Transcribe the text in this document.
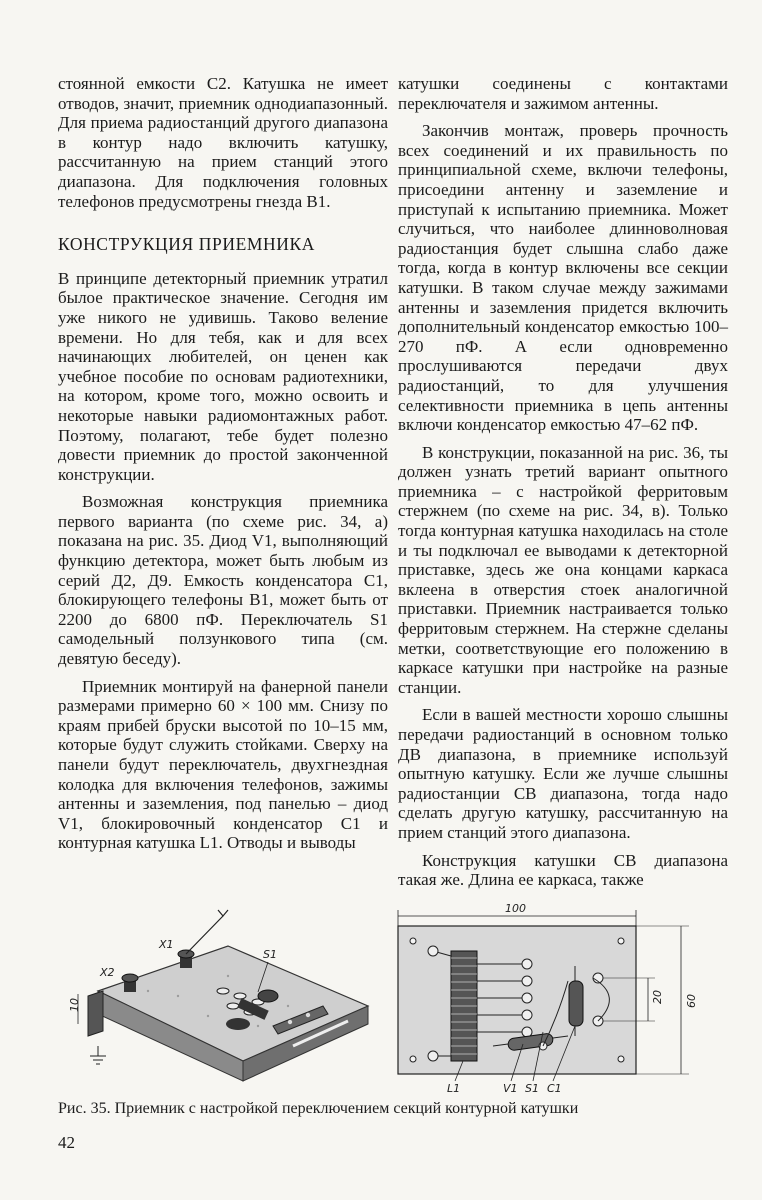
стоянной емкости С2. Катушка не имеет отводов, значит, приемник однодиапазонный. Для приема радиостанций другого диапазона в контур надо включить катушку, рассчитанную на прием станций этого диапазона. Для подключения головных телефонов предусмотрены гнезда В1.

КОНСТРУКЦИЯ ПРИЕМНИКА

В принципе детекторный приемник утратил былое практическое значение. Сегодня им уже никого не удивишь. Таково веление времени. Но для тебя, как и для всех начинающих любителей, он ценен как учебное пособие по основам радиотехники, на котором, кроме того, можно освоить и некоторые навыки радиомонтажных работ. Поэтому, полагают, тебе будет полезно довести приемник до простой законченной конструкции.

Возможная конструкция приемника первого варианта (по схеме рис. 34, а) показана на рис. 35. Диод V1, выполняющий функцию детектора, может быть любым из серий Д2, Д9. Емкость конденсатора С1, блокирующего телефоны В1, может быть от 2200 до 6800 пФ. Переключатель S1 самодельный ползункового типа (см. девятую беседу).

Приемник монтируй на фанерной панели размерами примерно 60 × 100 мм. Снизу по краям прибей бруски высотой по 10–15 мм, которые будут служить стойками. Сверху на панели будут переключатель, двухгнездная колодка для включения телефонов, зажимы антенны и заземления, под панелью – диод V1, блокировочный конденсатор С1 и контурная катушка L1. Отводы и выводы

катушки соединены с контактами переключателя и зажимом антенны.

Закончив монтаж, проверь прочность всех соединений и их правильность по принципиальной схеме, включи телефоны, присоедини антенну и заземление и приступай к испытанию приемника. Может случиться, что наиболее длинноволновая радиостанция будет слышна слабо даже тогда, когда в контур включены все секции катушки. В таком случае между зажимами антенны и заземления придется включить дополнительный конденсатор емкостью 100–270 пФ. А если одновременно прослушиваются передачи двух радиостанций, то для улучшения селективности приемника в цепь антенны включи конденсатор емкостью 47–62 пФ.

В конструкции, показанной на рис. 36, ты должен узнать третий вариант опытного приемника – с настройкой ферритовым стержнем (по схеме на рис. 34, в). Только тогда контурная катушка находилась на столе и ты подключал ее выводами к детекторной приставке, здесь же она концами каркаса вклеена в отверстия стоек аналогичной приставки. Приемник настраивается только ферритовым стержнем. На стержне сделаны метки, соответствующие его положению в каркасе катушки при настройке на разные станции.

Если в вашей местности хорошо слышны передачи радиостанций в основном только ДВ диапазона, в приемнике используй опытную катушку. Если же лучше слышны радиостанции СВ диапазона, тогда надо сделать другую катушку, рассчитанную на прием станций этого диапазона.

Конструкция катушки СВ диапазона такая же. Длина ее каркаса, также

X1
X2
S1
10
100
60
20
L1	V1 S1 C1
Рис. 35. Приемник с настройкой переключением секций контурной катушки
42
